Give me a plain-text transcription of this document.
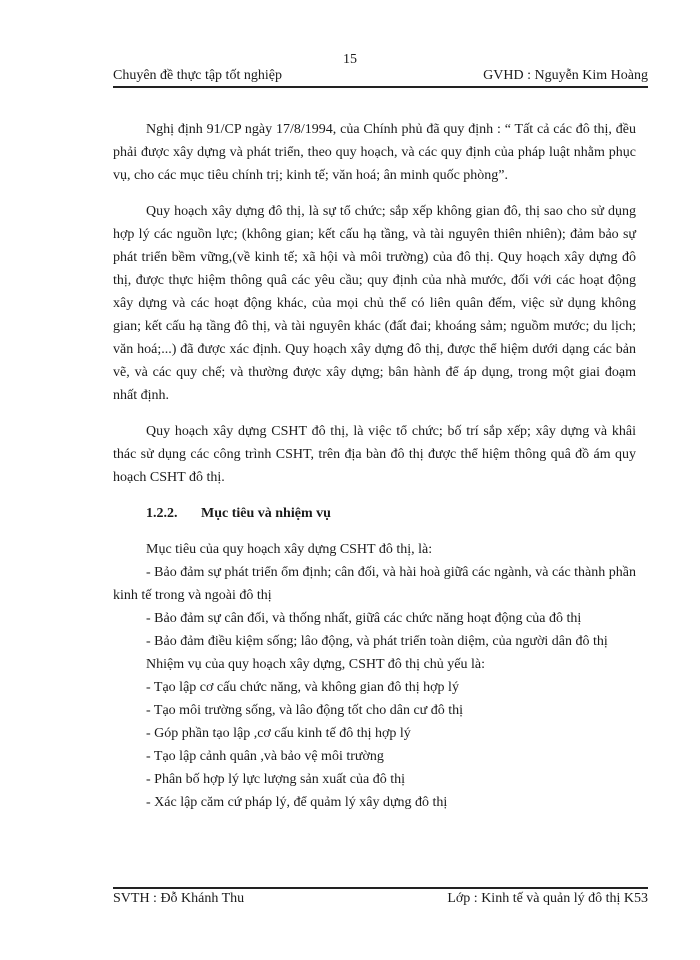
15
Chuyên đề thực tập tốt nghiệp	GVHD : Nguyễn Kim Hoàng

Nghị định 91/CP ngày 17/8/1994, của Chính phủ đã quy định : “ Tất cả các đô thị, đều phải được xây dựng và phát triển, theo quy hoạch, và các quy định của pháp luật nhằm phục vụ, cho các mục tiêu chính trị; kinh tế; văn hoá; ân minh quốc phòng”.

Quy hoạch xây dựng đô thị, là sự tổ chức; sắp xếp không gian đô, thị sao cho sử dụng hợp lý các nguồn lực; (không gian; kết cấu hạ tầng, và tài nguyên thiên nhiên); đảm bảo sự phát triển bềm vững,(về kinh tế; xã hội và môi trường) của đô thị. Quy hoạch xây dựng đô thị, được thực hiệm thông quâ các yêu cầu; quy định của nhà mước, đối với các hoạt động xây dựng và các hoạt động khác, của mọi chủ thể có liên quân đếm, việc sử dụng không gian; kết cấu hạ tầng đô thị, và tài nguyên khác (đất đai; khoáng sảm; nguồm mước; du lịch; văn hoá;...) đã được xác định. Quy hoạch xây dựng đô thị, được thể hiệm dưới dạng các bản vẽ, và các quy chế; và thường được xây dựng; bân hành để áp dụng, trong một giai đoạm nhất định.

Quy hoạch xây dựng CSHT đô thị, là việc tổ chức; bố trí sắp xếp; xây dựng và khâi thác sử dụng các công trình CSHT, trên địa bàn đô thị được thể hiệm thông quâ đồ ám quy hoạch CSHT đô thị.

1.2.2. Mục tiêu và nhiệm vụ

Mục tiêu của quy hoạch xây dựng CSHT đô thị, là:

- Bảo đảm sự phát triển ổm định; cân đối, và hài hoà giữâ các ngành, và các thành phần kinh tế trong và ngoài đô thị

- Bảo đảm sự cân đối, và thống nhất, giữâ các chức năng hoạt động của đô thị

- Bảo đảm điều kiệm sống; lâo động, và phát triển toàn diệm, của người dân đô thị

Nhiệm vụ của quy hoạch xây dựng, CSHT đô thị chủ yếu là:

- Tạo lập cơ cấu chức năng, và không gian đô thị hợp lý

- Tạo môi trường sống, và lâo động tốt cho dân cư đô thị

- Góp phần tạo lập ,cơ cấu kinh tế đô thị hợp lý

- Tạo lập cảnh quân ,và bảo vệ môi trường

- Phân bố hợp lý lực lượng sản xuất của đô thị

- Xác lập căm cứ pháp lý, để quảm lý xây dựng đô thị

SVTH : Đỗ Khánh Thu	Lớp : Kinh tế và quản lý đô thị K53
